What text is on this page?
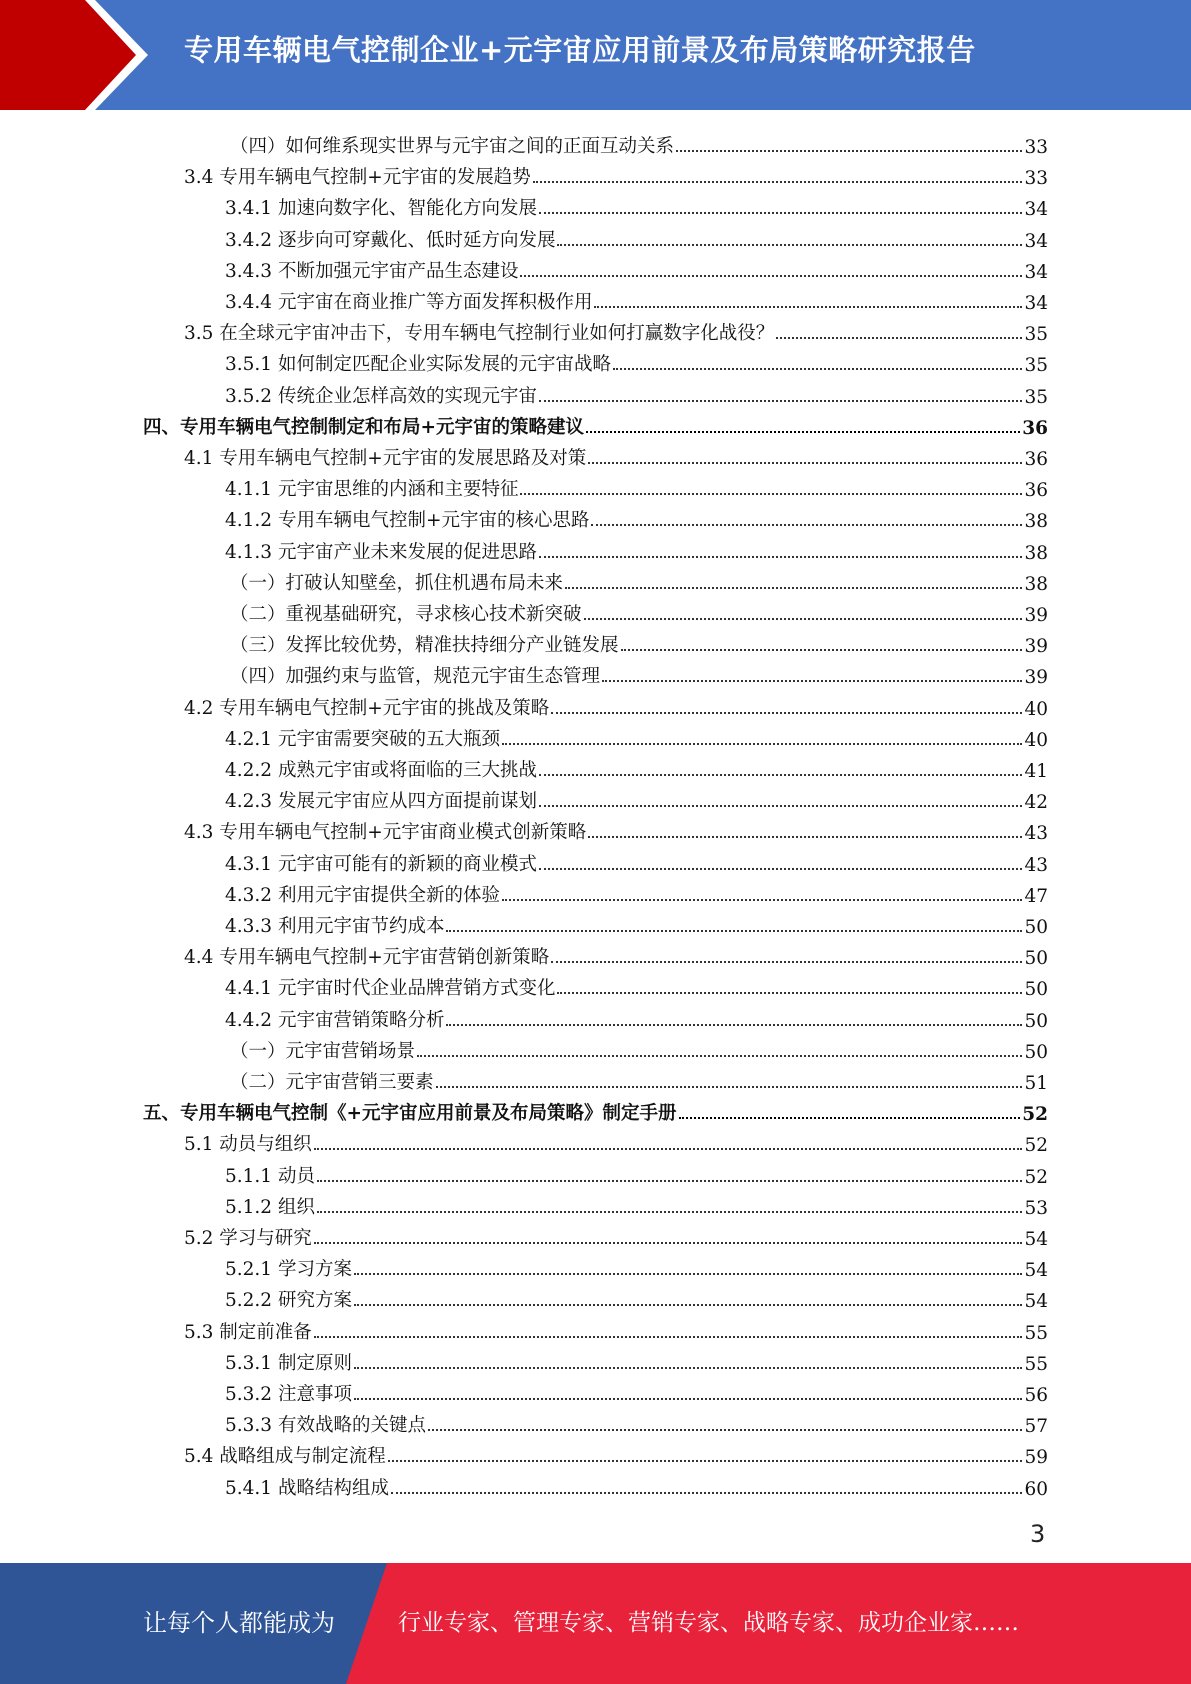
专用车辆电气控制企业+元宇宙应用前景及布局策略研究报告
（四）如何维系现实世界与元宇宙之间的正面互动关系	33
3.4 专用车辆电气控制+元宇宙的发展趋势	33
3.4.1 加速向数字化、智能化方向发展	34
3.4.2 逐步向可穿戴化、低时延方向发展	34
3.4.3 不断加强元宇宙产品生态建设	34
3.4.4 元宇宙在商业推广等方面发挥积极作用	34
3.5 在全球元宇宙冲击下，专用车辆电气控制行业如何打赢数字化战役？	35
3.5.1 如何制定匹配企业实际发展的元宇宙战略	35
3.5.2 传统企业怎样高效的实现元宇宙	35
四、专用车辆电气控制制定和布局+元宇宙的策略建议	36
4.1 专用车辆电气控制+元宇宙的发展思路及对策	36
4.1.1 元宇宙思维的内涵和主要特征	36
4.1.2 专用车辆电气控制+元宇宙的核心思路	38
4.1.3 元宇宙产业未来发展的促进思路	38
（一）打破认知壁垒，抓住机遇布局未来	38
（二）重视基础研究，寻求核心技术新突破	39
（三）发挥比较优势，精准扶持细分产业链发展	39
（四）加强约束与监管，规范元宇宙生态管理	39
4.2 专用车辆电气控制+元宇宙的挑战及策略	40
4.2.1 元宇宙需要突破的五大瓶颈	40
4.2.2 成熟元宇宙或将面临的三大挑战	41
4.2.3 发展元宇宙应从四方面提前谋划	42
4.3 专用车辆电气控制+元宇宙商业模式创新策略	43
4.3.1 元宇宙可能有的新颖的商业模式	43
4.3.2 利用元宇宙提供全新的体验	47
4.3.3 利用元宇宙节约成本	50
4.4 专用车辆电气控制+元宇宙营销创新策略	50
4.4.1 元宇宙时代企业品牌营销方式变化	50
4.4.2 元宇宙营销策略分析	50
（一）元宇宙营销场景	50
（二）元宇宙营销三要素	51
五、专用车辆电气控制《+元宇宙应用前景及布局策略》制定手册	52
5.1 动员与组织	52
5.1.1 动员	52
5.1.2 组织	53
5.2 学习与研究	54
5.2.1 学习方案	54
5.2.2 研究方案	54
5.3 制定前准备	55
5.3.1 制定原则	55
5.3.2 注意事项	56
5.3.3 有效战略的关键点	57
5.4 战略组成与制定流程	59
5.4.1 战略结构组成	60
3
让每个人都能成为	行业专家、管理专家、营销专家、战略专家、成功企业家……
